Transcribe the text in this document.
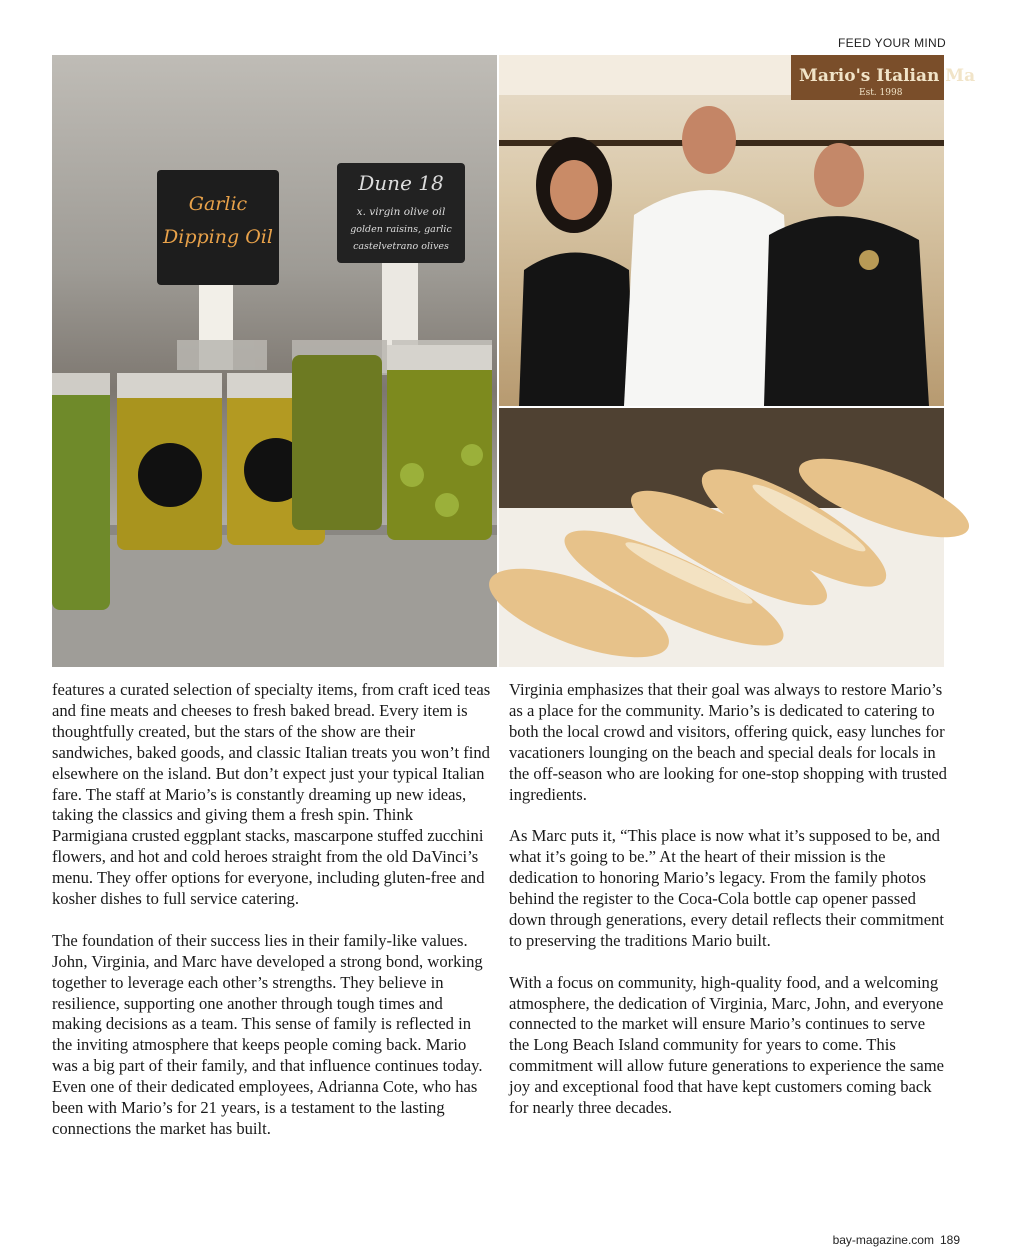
FEED YOUR MIND
Garlic
Dipping Oil
Dune 18
x. virgin olive oil
golden raisins, garlic
castelvetrano olives
Mario's Italian Ma
Est. 1998

features a curated selection of specialty items, from craft iced teas and fine meats and cheeses to fresh baked bread. Every item is thoughtfully created, but the stars of the show are their sandwiches, baked goods, and classic Italian treats you won’t find elsewhere on the island. But don’t expect just your typical Italian fare. The staff at Mario’s is constantly dreaming up new ideas, taking the classics and giving them a fresh spin. Think Parmigiana crusted eggplant stacks, mascarpone stuffed zucchini flowers, and hot and cold heroes straight from the old DaVinci’s menu. They offer options for everyone, including gluten-free and kosher dishes to full service catering.

The foundation of their success lies in their family-like values. John, Virginia, and Marc have developed a strong bond, working together to leverage each other’s strengths. They believe in resilience, supporting one another through tough times and making decisions as a team. This sense of family is reflected in the inviting atmosphere that keeps people coming back. Mario was a big part of their family, and that influence continues today. Even one of their dedicated employees, Adrianna Cote, who has been with Mario’s for 21 years, is a testament to the lasting connections the market has built.

Virginia emphasizes that their goal was always to restore Mario’s as a place for the community. Mario’s is dedicated to catering to both the local crowd and visitors, offering quick, easy lunches for vacationers lounging on the beach and special deals for locals in the off-season who are looking for one-stop shopping with trusted ingredients.

As Marc puts it, “This place is now what it’s supposed to be, and what it’s going to be.” At the heart of their mission is the dedication to honoring Mario’s legacy. From the family photos behind the register to the Coca-Cola bottle cap opener passed down through generations, every detail reflects their commitment to preserving the traditions Mario built.

With a focus on community, high-quality food, and a welcoming atmosphere, the dedication of Virginia, Marc, John, and everyone connected to the market will ensure Mario’s continues to serve the Long Beach Island community for years to come. This commitment will allow future generations to experience the same joy and exceptional food that have kept customers coming back for nearly three decades.

bay-magazine.com 189
